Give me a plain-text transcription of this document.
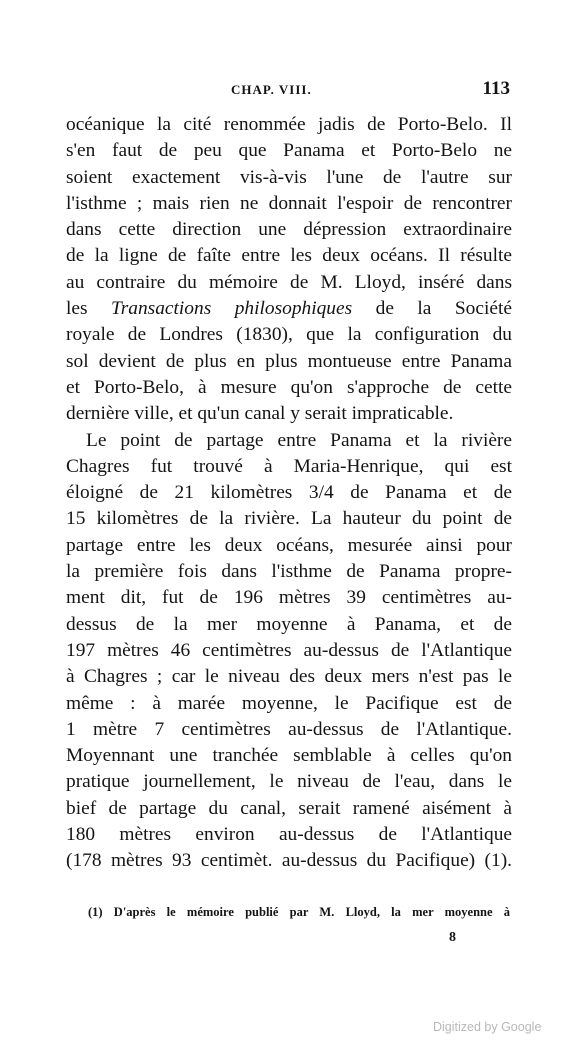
CHAP. VIII.	113
océanique la cité renommée jadis de Porto-Belo. Il
s'en faut de peu que Panama et Porto-Belo ne
soient exactement vis-à-vis l'une de l'autre sur
l'isthme ; mais rien ne donnait l'espoir de rencontrer
dans cette direction une dépression extraordinaire
de la ligne de faîte entre les deux océans. Il résulte
au contraire du mémoire de M. Lloyd, inséré dans
les Transactions philosophiques de la Société
royale de Londres (1830), que la configuration du
sol devient de plus en plus montueuse entre Panama
et Porto-Belo, à mesure qu'on s'approche de cette
dernière ville, et qu'un canal y serait impraticable.
Le point de partage entre Panama et la rivière
Chagres fut trouvé à Maria-Henrique, qui est
éloigné de 21 kilomètres 3/4 de Panama et de
15 kilomètres de la rivière. La hauteur du point de
partage entre les deux océans, mesurée ainsi pour
la première fois dans l'isthme de Panama propre-
ment dit, fut de 196 mètres 39 centimètres au-
dessus de la mer moyenne à Panama, et de
197 mètres 46 centimètres au-dessus de l'Atlantique
à Chagres ; car le niveau des deux mers n'est pas le
même : à marée moyenne, le Pacifique est de
1 mètre 7 centimètres au-dessus de l'Atlantique.
Moyennant une tranchée semblable à celles qu'on
pratique journellement, le niveau de l'eau, dans le
bief de partage du canal, serait ramené aisément à
180 mètres environ au-dessus de l'Atlantique
(178 mètres 93 centimèt. au-dessus du Pacifique) (1).
(1) D'après le mémoire publié par M. Lloyd, la mer moyenne à
8
Digitized by Google
